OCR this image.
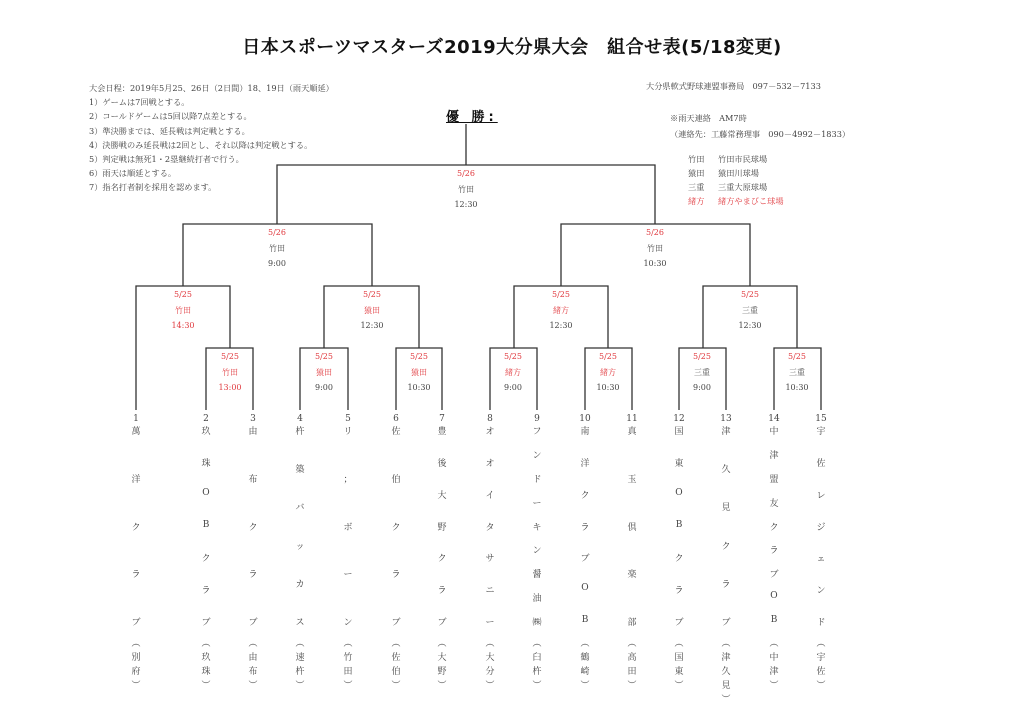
日本スポーツマスターズ2019大分県大会　組合せ表(5/18変更)
大会日程：2019年5月25、26日（2日間）18、19日（雨天順延）
1）ゲームは7回戦とする。
2）コールドゲームは5回以降7点差とする。
3）準決勝までは、延長戦は判定戦とする。
4）決勝戦のみ延長戦は2回とし、それ以降は判定戦とする。
5）判定戦は無死1・2塁継続打者で行う。
6）雨天は順延とする。
7）指名打者制を採用を認めます。
大分県軟式野球連盟事務局　097－532－7133
※雨天連絡　AM7時
（連絡先：工藤常務理事　090－4992－1833）
竹田 竹田市民球場
猿田 猿田川球場
三重 三重大原球場
緒方 緒方やまびこ球場
優 勝:
5/26
竹田
12:30
5/26
竹田
9:00
5/26
竹田
10:30
5/25
竹田
14:30
5/25
猿田
12:30
5/25
緒方
12:30
5/25
三重
12:30
5/25
竹田
13:00
5/25
猿田
9:00
5/25
猿田
10:30
5/25
緒方
9:00
5/25
緒方
10:30
5/25
三重
9:00
5/25
三重
10:30
1
萬
洋
ク
ラ
ブ
︵
別
府
︶
2
玖
珠
O
B
ク
ラ
ブ
︵
玖
珠
︶
3
由
布
ク
ラ
ブ
︵
由
布
︶
4
杵
築
バ
ッ
カ
ス
︵
速
杵
︶
5
リ
；
ボ
ー
ン
︵
竹
田
︶
6
佐
伯
ク
ラ
ブ
︵
佐
伯
︶
7
豊
後
大
野
ク
ラ
ブ
︵
大
野
︶
8
オ
オ
イ
タ
サ
ニ
ー
︵
大
分
︶
9
フ
ン
ド
ー
キ
ン
醤
油
㈱
︵
臼
杵
︶
10
南
洋
ク
ラ
ブ
O
B
︵
鶴
崎
︶
11
真
玉
倶
楽
部
︵
高
田
︶
12
国
東
O
B
ク
ラ
ブ
︵
国
東
︶
13
津
久
見
ク
ラ
ブ
︵
津
久
見
︶
14
中
津
盟
友
ク
ラ
ブ
O
B
︵
中
津
︶
15
宇
佐
レ
ジ
ェ
ン
ド
︵
宇
佐
︶
